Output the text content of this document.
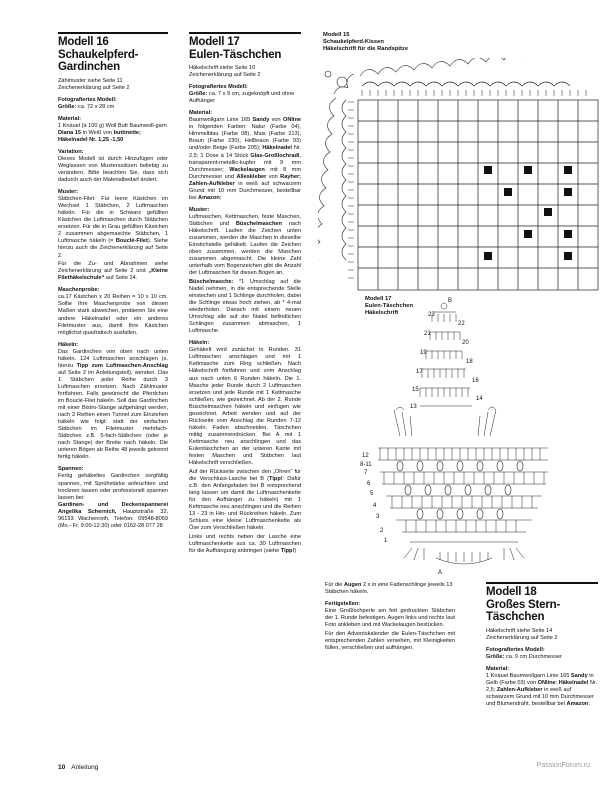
Modell 16
Schaukelpferd-
Gardinchen

Zählmuster siehe Seite 11

Zeichenerklärung auf Seite 2

Fotografiertes Modell:

Größe: ca. 72 x 28 cm

Material:

1 Knäuel (à 100 g) Woll Butt Baumwoll-garn Diana 15 in Weiß von buttinette; Häkelnadel Nr. 1,25 -1,50

Variation:

Dieses Modell ist durch Hinzufügen oder Weglassen von Musterssätzen beliebig zu verändern. Bitte beachten Sie, dass sich dadurch auch der Materialbedarf ändert.

Muster:

Stäbchen-Filet: Für leere Kästchen im Wechsel 1 Stäbchen, 2 Luftmaschen häkeln. Für die in Schwarz gefüllten Kästchen die Luftmaschen durch Stäbchen ersetzen. Für die in Grau gefüllten Kästchen 2 zusammen abgemaschte Stäbchen, 1 Luftmasche häkeln (= Bouclé-Filet). Siehe hierzu auch die Zeichenerklärung auf Seite 2.

Für die Zu- und Abnahmen siehe Zeichenerklärung auf Seite 2 und „Kleine Filethäkelschule“ auf Seite 24.

Maschenprobe:

ca.17 Kästchen x 20 Reihen = 10 x 10 cm. Sollte Ihre Maschenprobe von diesen Maßen stark abweichen, probieren Sie eine andere Häkelnadel oder ein anderes Filetmuster aus, damit Ihre Kästchen möglichst quadratisch ausfallen.

Häkeln:

Das Gardinchen von oben nach unten häkeln. 124 Luftmaschen anschlagen (s. hierzu Tipp zum Luftmaschen-Anschlag auf Seite 2 im Anleitungsteil), wenden. Das 1. Stäbchen jeder Reihe durch 3 Luftmaschen ersetzen. Nach Zählmuster fortfahren. Falls gewünscht die Pferdchen im Bouclé-Filet häkeln. Soll das Gardinchen mit einer Bistro-Stange aufgehängt werden, nach 2 Reihen einen Tunnel zum Einziehen häkeln wie folgt: statt der einfachen Stäbchen im Filetmuster mehrfach-Stäbchen z.B. 5-fach-Stäbchen (oder je nach Stange) der Breite nach häkeln. Die unteren Bögen ab Reihe 48 jeweils getrennt fertig häkeln.

Spannen:

Fertig gehäkeltes Gardinchen sorgfältig spannen, mit Sprühstärke anfeuchten und trocknen lassen oder professionell spannen lassen bei:

Gardinen- und Deckenspannerei Angelika Schernich, Hauptstraße 32, 96193 Wachenroth, Telefon: 09548-8069 (Mo.- Fr. 9:00-12:30) oder 0162-28 077 28

Modell 17
Eulen-Täschchen

Häkelschrift siehe Seite 10

Zeichenerklärung auf Seite 2

Fotografiertes Modell:

Größe: ca. 7 x 9 cm, zugeknöpft und ohne Aufhänger

Material:

Baumwollgarn Linie 165 Sandy von ONline in folgenden Farben: Natur (Farbe 04), Himmelblau (Farbe 08), Mais (Farbe 213), Braun (Farbe 230), Hellbraun (Farbe 93) und/oder Beige (Farbe 205); Häkelnadel Nr. 2,5; 1 Dose à 14 Stück Glas-Großlochradl, transparent-metallic-kupfer mit 9 mm Durchmesser; Wackelaugen mit 8 mm Durchmesser und Alleskleber von Rayher; Zahlen-Aufkleber in weiß auf schwarzem Grund mit 10 mm Durchmesser, bestellbar bei Amazon;

Muster:

Luftmaschen, Kettmaschen, feste Maschen, Stäbchen und Büschelmaschen nach Häkelschrift. Laufen die Zeichen unten zusammen, werden die Maschen in dieselbe Einstichstelle gehäkelt. Laufen die Zeichen oben zusammen, werden die Maschen zusammen abgemascht. Die kleine Zahl unterhalb vom Bogenzeichen gibt die Anzahl der Luftmaschen für diesen Bogen an.

Büschelmasche: *1 Umschlag auf die Nadel nehmen, in die entsprechende Stelle einstechen und 1 Schlinge durchholen, dabei die Schlinge etwas hoch ziehen, ab * 4-mal wiederholen. Danach mit einem neuen Umschlag alle auf der Nadel befindlichen Schlingen zusammen abmaschen, 1 Luftmasche.

Häkeln:

Gehäkelt wird zunächst in Runden. 31 Luftmaschen anschlagen und mit 1 Kettmasche zum Ring schließen. Nach Häkelschrift fortfahren und vom Anschlag aus nach unten 6 Runden häkeln. Die 1. Masche jeder Runde durch 2 Luftmaschen ersetzen und jede Runde mit 1 Kettmasche schließen, wie gezeichnet. Ab der 2. Runde Büschelmaschen häkeln und einfügen wie gezeichnet. Arbeit wenden und auf der Rückseite vom Anschlag die Runden 7-12 häkeln. Faden abschneiden. Täschchen mittig zusammendrücken. Bei A mit 1 Kettmasche neu anschlingen und das Eulentäschchen an der unteren Kante mit festen Maschen und Stäbchen laut Häkelschrift verschließen.

Auf der Rückseite zwischen den „Ohren“ für die Verschluss-Lasche bei B (Tipp!: Dafür z.B. den Anfangsfaden bei B entsprechend lang lassen um damit die Luftmaschenkette für den Aufhänger zu häkeln) mit 1 Kettmasche neu anschlingen und die Reihen 13 - 23 in Hin- und Rückreihen häkeln. Zum Schluss eine kleine Luftmaschenkette als Öse zum Verschließen häkeln.

Links und rechts neben der Lasche eine Luftmaschenkette aus ca. 30 Luftmaschen für die Aufhängung anbringen (siehe Tipp!)

Modell 15
Schaukelpferd-Kissen
Häkelschrift für die Randspitze
Modell 17
Eulen-Täschchen
Häkelschrift
B
A
22
20
18
16
14
23
21
19
17
15
13
12
8-11
7
6
5
4
3
2
1

Für die Augen 2 x in eine Fadenschlinge jeweils 13 Stäbchen häkeln.

Fertigstellen:

Eine Großlochperle am fett gedruckten Stäbchen der 1. Runde befestigen. Augen links und rechts laut Foto ankleben und mit Wackelaugen bestücken.

Für den Adventskalender die Eulen-Täschchen mit entsprechenden Zahlen versehen, mit Kleinigkeiten füllen, verschließen und aufhängen.

Modell 18
Großes Stern-
Täschchen

Häkelschrift siehe Seite 14

Zeichenerklärung auf Seite 2

Fotografiertes Modell:

Größe: ca. 9 cm Durchmesser

Material:

1 Knäuel Baumwollgarn Linie 165 Sandy in Gelb (Farbe 03) von ONline; Häkelnadel Nr. 2,5; Zahlen-Aufkleber in weiß auf schwarzem Grund mit 10 mm Durchmesser und Blumendraht, bestellbar bei Amazon;

10 Anleitung	PassionForum.ru
